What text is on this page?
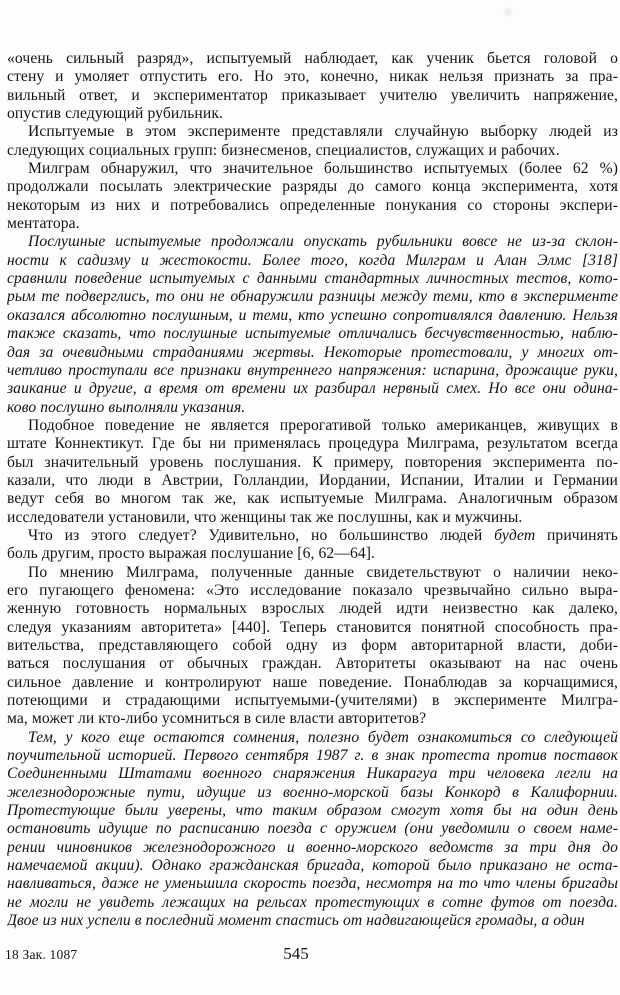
«очень сильный разряд», испытуемый наблюдает, как ученик бьется головой о
стену и умоляет отпустить его. Но это, конечно, никак нельзя признать за пра-
вильный ответ, и экспериментатор приказывает учителю увеличить напряжение,
опустив следующий рубильник.
Испытуемые в этом эксперименте представляли случайную выборку людей из
следующих социальных групп: бизнесменов, специалистов, служащих и рабочих.
Милграм обнаружил, что значительное большинство испытуемых (более 62 %)
продолжали посылать электрические разряды до самого конца эксперимента, хотя
некоторым из них и потребовались определенные понукания со стороны экспери-
ментатора.
Послушные испытуемые продолжали опускать рубильники вовсе не из-за склон-
ности к садизму и жестокости. Более того, когда Милграм и Алан Элмс [318]
сравнили поведение испытуемых с данными стандартных личностных тестов, кото-
рым те подверглись, то они не обнаружили разницы между теми, кто в эксперименте
оказался абсолютно послушным, и теми, кто успешно сопротивлялся давлению. Нельзя
также сказать, что послушные испытуемые отличались бесчувственностью, наблю-
дая за очевидными страданиями жертвы. Некоторые протестовали, у многих от-
четливо проступали все признаки внутреннего напряжения: испарина, дрожащие руки,
заикание и другие, а время от времени их разбирал нервный смех. Но все они одина-
ково послушно выполняли указания.
Подобное поведение не является прерогативой только американцев, живущих в
штате Коннектикут. Где бы ни применялась процедура Милграма, результатом всегда
был значительный уровень послушания. К примеру, повторения эксперимента по-
казали, что люди в Австрии, Голландии, Иордании, Испании, Италии и Германии
ведут себя во многом так же, как испытуемые Милграма. Аналогичным образом
исследователи установили, что женщины так же послушны, как и мужчины.
Что из этого следует? Удивительно, но большинство людей будет причинять
боль другим, просто выражая послушание [6, 62—64].
По мнению Милграма, полученные данные свидетельствуют о наличии неко-
его пугающего феномена: «Это исследование показало чрезвычайно сильно выра-
женную готовность нормальных взрослых людей идти неизвестно как далеко,
следуя указаниям авторитета» [440]. Теперь становится понятной способность пра-
вительства, представляющего собой одну из форм авторитарной власти, доби-
ваться послушания от обычных граждан. Авторитеты оказывают на нас очень
сильное давление и контролируют наше поведение. Понаблюдав за корчащимися,
потеющими и страдающими испытуемыми-(учителями) в эксперименте Милгра-
ма, может ли кто-либо усомниться в силе власти авторитетов?
Тем, у кого еще остаются сомнения, полезно будет ознакомиться со следующей
поучительной историей. Первого сентября 1987 г. в знак протеста против поставок
Соединенными Штатами военного снаряжения Никарагуа три человека легли на
железнодорожные пути, идущие из военно-морской базы Конкорд в Калифорнии.
Протестующие были уверены, что таким образом смогут хотя бы на один день
остановить идущие по расписанию поезда с оружием (они уведомили о своем наме-
рении чиновников железнодорожного и военно-морского ведомств за три дня до
намечаемой акции). Однако гражданская бригада, которой было приказано не оста-
навливаться, даже не уменьшила скорость поезда, несмотря на то что члены бригады
не могли не увидеть лежащих на рельсах протестующих в сотне футов от поезда.
Двое из них успели в последний момент спастись от надвигающейся громады, а один
545
18 Зак. 1087
